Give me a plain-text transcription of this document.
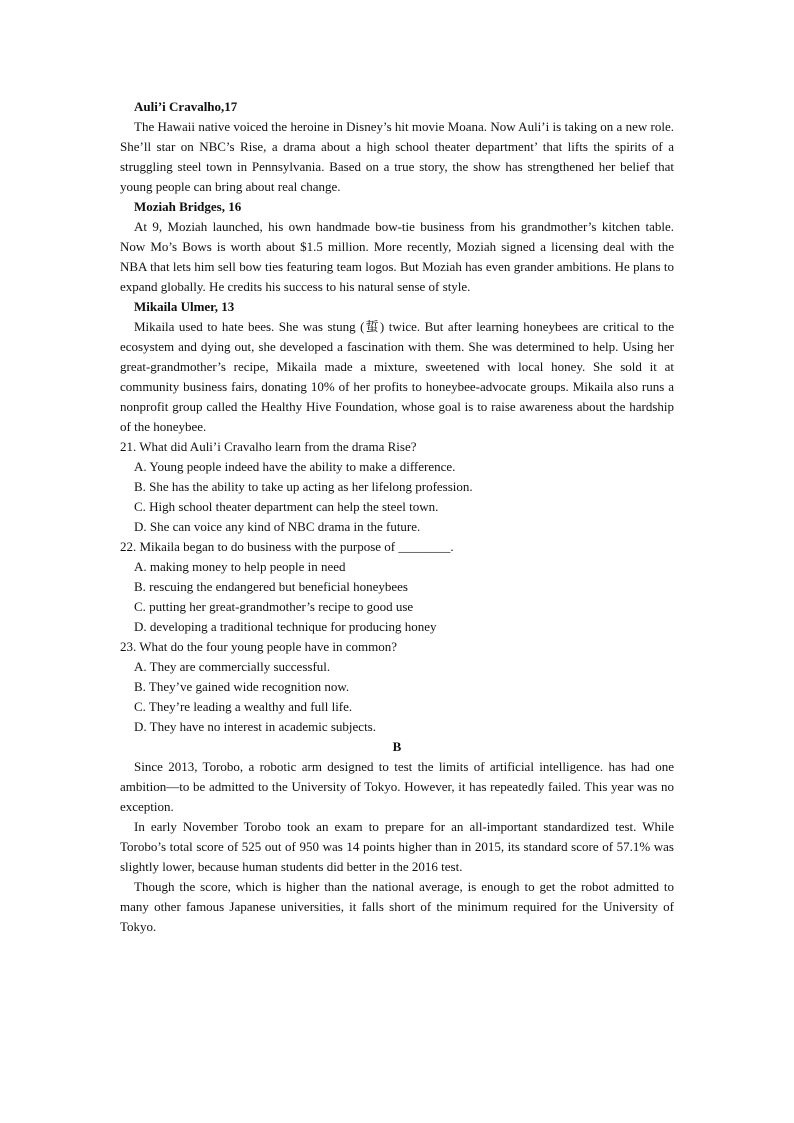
Auli’i Cravalho,17

The Hawaii native voiced the heroine in Disney’s hit movie Moana. Now Auli’i is taking on a new role. She’ll star on NBC’s Rise, a drama about a high school theater department’ that lifts the spirits of a struggling steel town in Pennsylvania. Based on a true story, the show has strengthened her belief that young people can bring about real change.

Moziah Bridges, 16

At 9, Moziah launched, his own handmade bow-tie business from his grandmother’s kitchen table. Now Mo’s Bows is worth about $1.5 million. More recently, Moziah signed a licensing deal with the NBA that lets him sell bow ties featuring team logos. But Moziah has even grander ambitions. He plans to expand globally. He credits his success to his natural sense of style.

Mikaila Ulmer, 13

Mikaila used to hate bees. She was stung (蜇) twice. But after learning honeybees are critical to the ecosystem and dying out, she developed a fascination with them. She was determined to help. Using her great-grandmother’s recipe, Mikaila made a mixture, sweetened with local honey. She sold it at community business fairs, donating 10% of her profits to honeybee-advocate groups. Mikaila also runs a nonprofit group called the Healthy Hive Foundation, whose goal is to raise awareness about the hardship of the honeybee.

21. What did Auli’i Cravalho learn from the drama Rise?

A. Young people indeed have the ability to make a difference.

B. She has the ability to take up acting as her lifelong profession.

C. High school theater department can help the steel town.

D. She can voice any kind of NBC drama in the future.

22. Mikaila began to do business with the purpose of ________.

A. making money to help people in need

B. rescuing the endangered but beneficial honeybees

C. putting her great-grandmother’s recipe to good use

D. developing a traditional technique for producing honey

23. What do the four young people have in common?

A. They are commercially successful.

B. They’ve gained wide recognition now.

C. They’re leading a wealthy and full life.

D. They have no interest in academic subjects.

B

Since 2013, Torobo, a robotic arm designed to test the limits of artificial intelligence. has had one ambition—to be admitted to the University of Tokyo. However, it has repeatedly failed. This year was no exception.

In early November Torobo took an exam to prepare for an all-important standardized test. While Torobo’s total score of 525 out of 950 was 14 points higher than in 2015, its standard score of 57.1% was slightly lower, because human students did better in the 2016 test.

Though the score, which is higher than the national average, is enough to get the robot admitted to many other famous Japanese universities, it falls short of the minimum required for the University of Tokyo.
